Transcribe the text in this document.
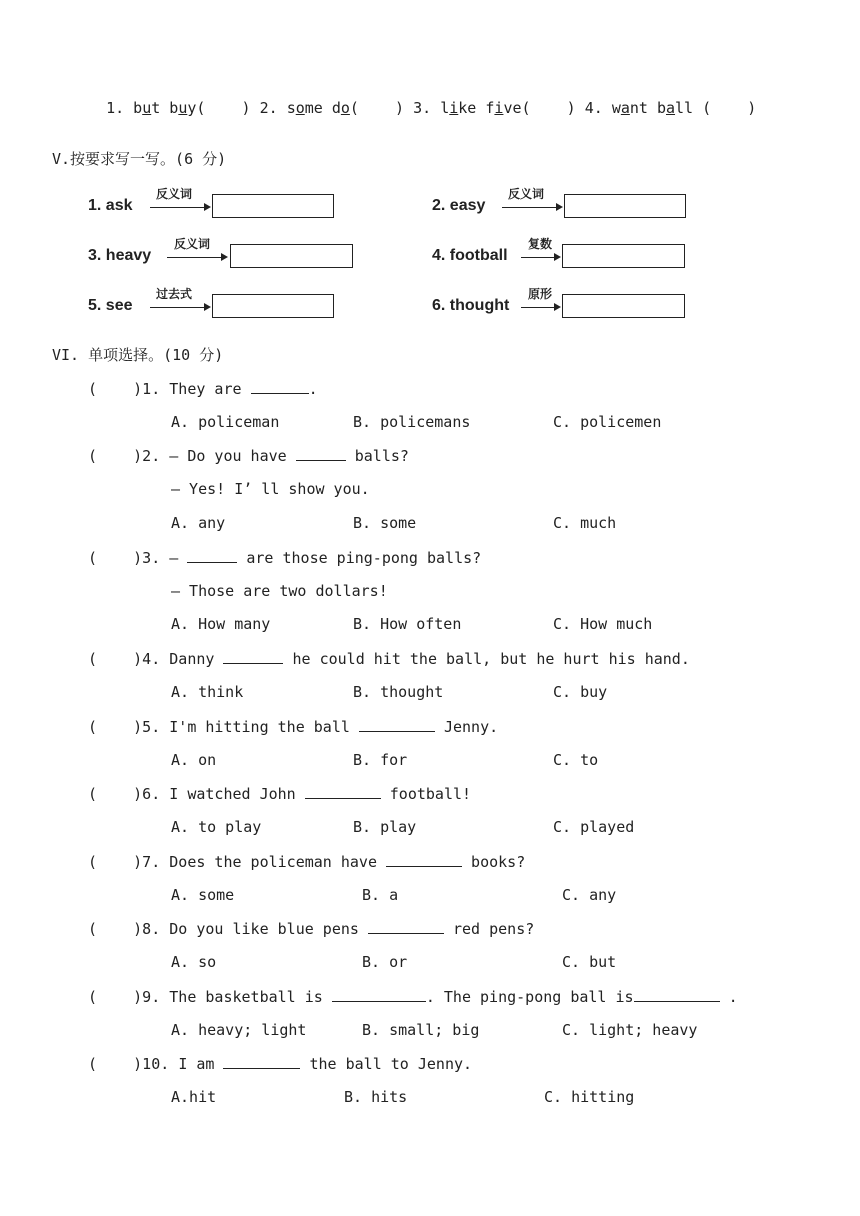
1. but buy(    ) 2. some do(    ) 3. like five(    ) 4. want ball (    )

V.按要求写一写。(6 分)
1. ask
反义词
2. easy
反义词
3. heavy
反义词
4. football
复数
5. see
过去式
6. thought
原形
VI. 单项选择。(10 分)
(    )1. They are	.
A. policeman	B. policemans	C. policemen
(    )2. — Do you have	balls?
— Yes! I’ ll show you.
A. any	B. some	C. much
(    )3. —	are those ping-pong balls?
— Those are two dollars!
A. How many	B. How often	C. How much
(    )4. Danny	he could hit the ball, but he hurt his hand.
A. think	B. thought	C. buy
(    )5. I'm hitting the ball	Jenny.
A. on	B. for	C. to
(    )6. I watched John	football!
A. to play	B. play	C. played
(    )7. Does the policeman have	books?
A. some	B. a	C. any
(    )8. Do you like blue pens	red pens?
A. so	B. or	C. but
(    )9. The basketball is	. The ping-pong ball is	.
A. heavy; light	B. small; big	C. light; heavy
(    )10. I am	the ball to Jenny.
A.hit	B. hits	C. hitting
